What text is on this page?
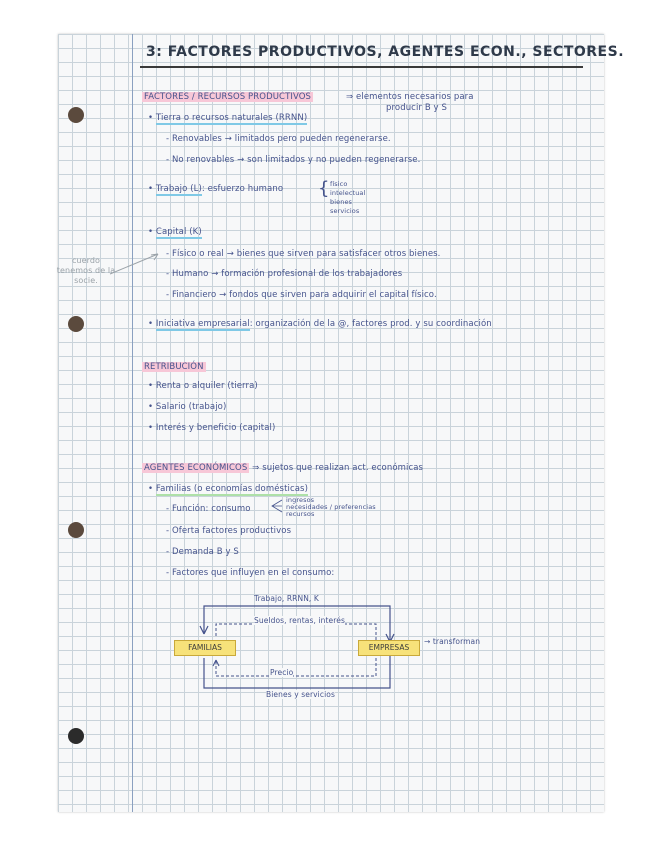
3: FACTORES PRODUCTIVOS, AGENTES ECON., SECTORES.
FACTORES / RECURSOS PRODUCTIVOS	⇒ elementos necesarios para
producir B y S
• Tierra o recursos naturales (RRNN)
- Renovables → limitados pero pueden regenerarse.
- No renovables → son limitados y no pueden regenerarse.
• Trabajo (L): esfuerzo humano { físico
intelectual
bienes
servicios
• Capital (K)
- Físico o real → bienes que sirven para satisfacer otros bienes.
- Humano → formación profesional de los trabajadores
- Financiero → fondos que sirven para adquirir el capital físico.
cuerdo tenemos de la socie.
• Iniciativa empresarial: organización de la @, factores prod. y su coordinación
RETRIBUCIÓN
• Renta o alquiler (tierra)
• Salario (trabajo)
• Interés y beneficio (capital)
AGENTES ECONÓMICOS ⇒ sujetos que realizan act. económicas
• Familias (o economías domésticas)
- Función: consumo
ingresos
necesidades / preferencias
recursos
- Oferta factores productivos
- Demanda B y S
- Factores que influyen en el consumo:
Trabajo, RRNN, K
Sueldos, rentas, interés
FAMILIAS	EMPRESAS
→ transforman
Precio
Bienes y servicios
